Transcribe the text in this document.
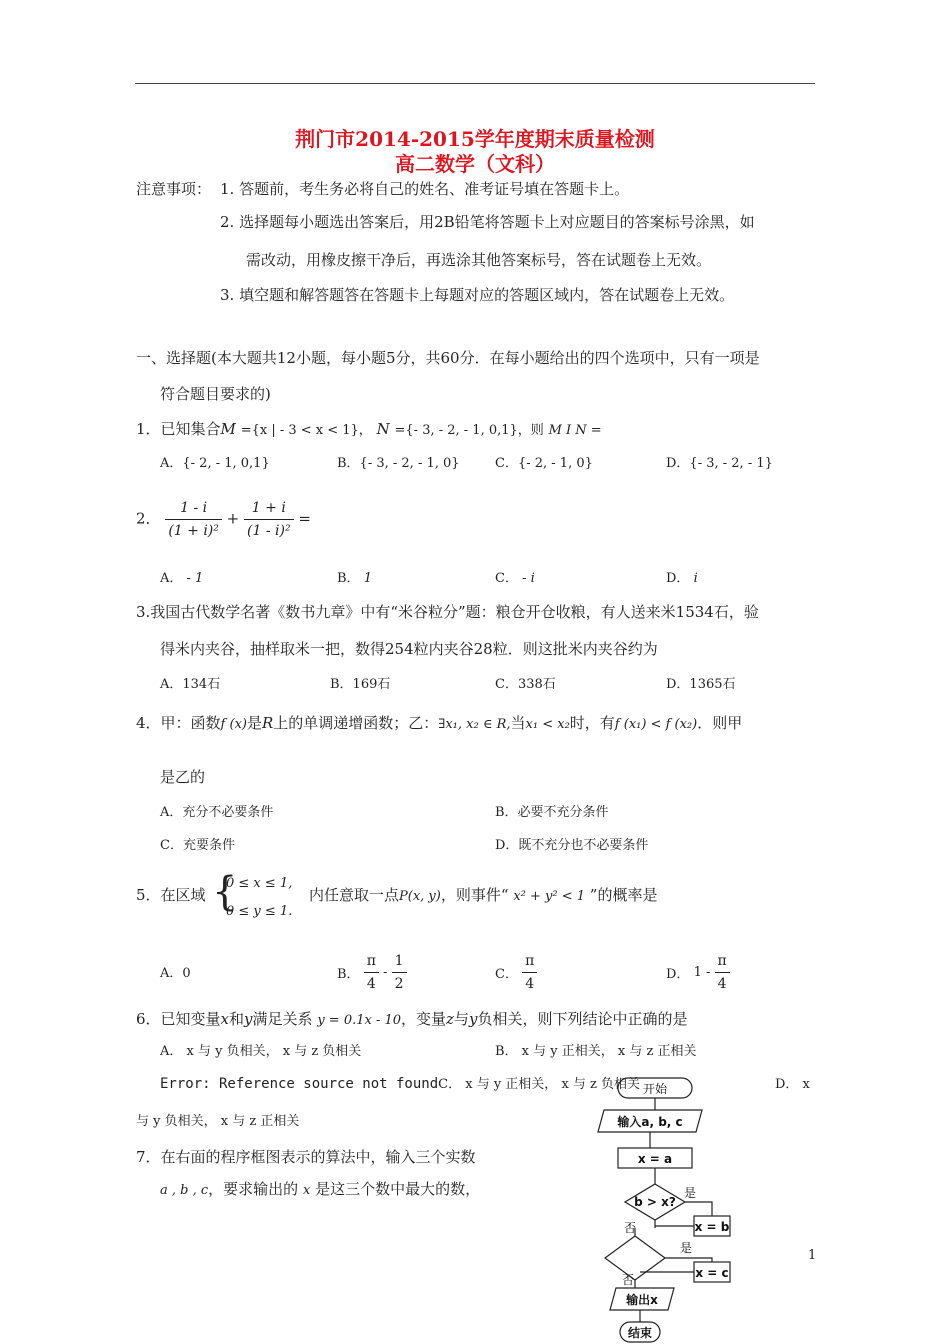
荆门市2014-2015学年度期末质量检测
高二数学（文科）
注意事项： 1. 答题前，考生务必将自己的姓名、准考证号填在答题卡上。
2. 选择题每小题选出答案后，用2B铅笔将答题卡上对应题目的答案标号涂黑，如
需改动，用橡皮擦干净后，再选涂其他答案标号，答在试题卷上无效。
3. 填空题和解答题答在答题卡上每题对应的答题区域内，答在试题卷上无效。
一、选择题(本大题共12小题，每小题5分，共60分．在每小题给出的四个选项中，只有一项是
符合题目要求的)
1．已知集合M ={x | - 3 < x < 1}， N ={- 3, - 2, - 1, 0,1}，则 M I N =
A．{- 2, - 1, 0,1}	B．{- 3, - 2, - 1, 0}	C．{- 2, - 1, 0}	D．{- 3, - 2, - 1}
2． $\frac{1 - i}{\text{(1 + i)²}} + \frac{1 + i}{\text{(1 - i)²}}$ =
A． - 1	B． 1	C． - i	D． i
3.我国古代数学名著《数书九章》中有“米谷粒分”题：粮仓开仓收粮，有人送来米1534石，验
得米内夹谷，抽样取米一把，数得254粒内夹谷28粒．则这批米内夹谷约为
A．134石	B．169石	C．338石	D．1365石
4．甲：函数f (x)是R上的单调递增函数；乙：∃x₁, x₂ ∈ R,当x₁ < x₂时，有f (x₁) < f (x₂)．则甲
是乙的
A．充分不必要条件	B．必要不充分条件
C．充要条件	D．既不充分也不必要条件
5．在区域 {
0 ≤ x ≤ 1,
0 ≤ y ≤ 1.
内任意取一点P(x, y)，则事件“ x² + y² < 1 ”的概率是
A．0	B． $\frac{\pi}{4} - \frac{1}{2}$	C． $\frac{\pi}{4}$	D． $1 - \frac{\pi}{4}$
6．已知变量x和y满足关系 y = 0.1x - 10，变量z与y负相关，则下列结论中正确的是
A． x 与 y 负相关， x 与 z 负相关	B． x 与 y 正相关， x 与 z 正相关
Error: Reference source not foundC． x 与 y 正相关， x 与 z 负相关	D． x
与 y 负相关， x 与 z 正相关
7．在右面的程序框图表示的算法中，输入三个实数
a , b , c，要求输出的 x 是这三个数中最大的数，
开始
输入a, b, c
x = a
b > x?
是
否	x = b
是
否	x = c
输出x
结束
1
